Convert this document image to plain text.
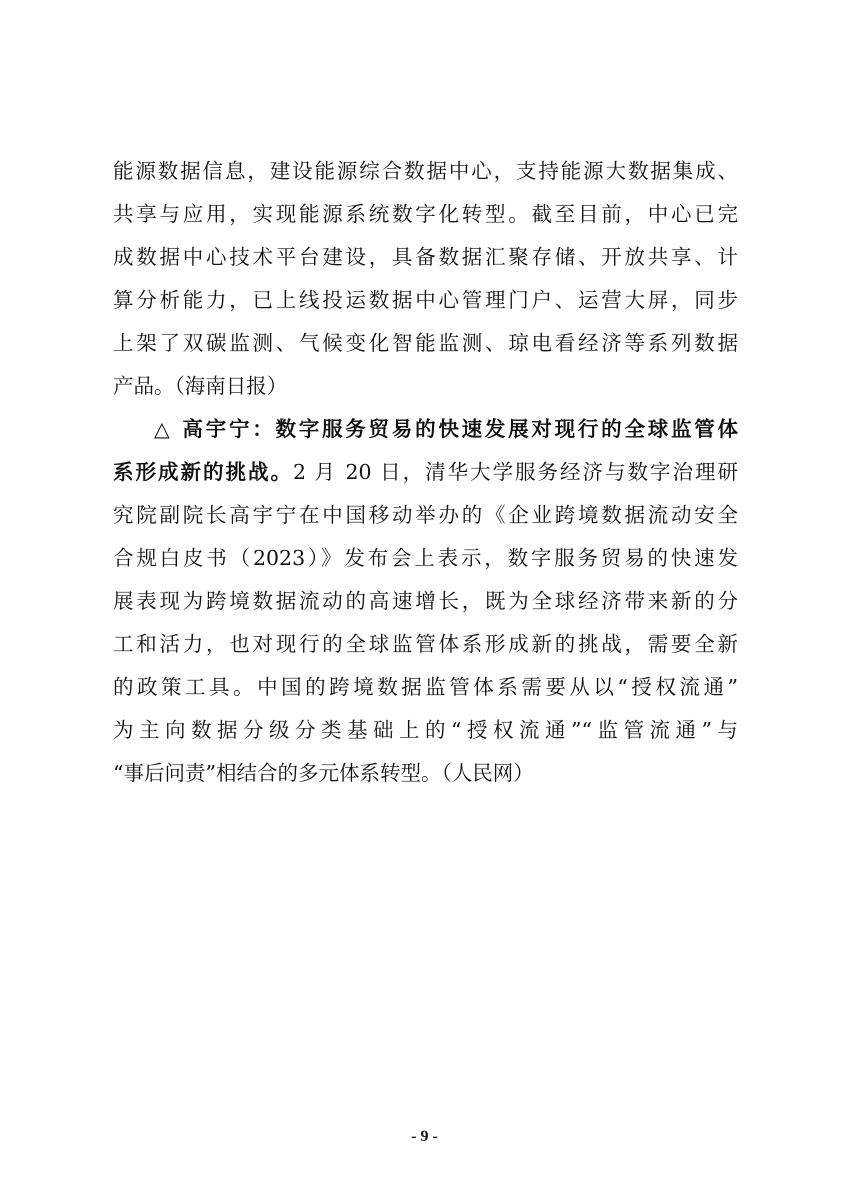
能源数据信息，建设能源综合数据中心，支持能源大数据集成、
共享与应用，实现能源系统数字化转型。截至目前，中心已完
成数据中心技术平台建设，具备数据汇聚存储、开放共享、计
算分析能力，已上线投运数据中心管理门户、运营大屏，同步
上架了双碳监测、气候变化智能监测、琼电看经济等系列数据
产品。（海南日报）
△ 高宇宁：数字服务贸易的快速发展对现行的全球监管体
系形成新的挑战。2 月 20 日，清华大学服务经济与数字治理研
究院副院长高宇宁在中国移动举办的《企业跨境数据流动安全
合规白皮书（2023）》发布会上表示，数字服务贸易的快速发
展表现为跨境数据流动的高速增长，既为全球经济带来新的分
工和活力，也对现行的全球监管体系形成新的挑战，需要全新
的政策工具。中国的跨境数据监管体系需要从以“授权流通”
为主向数据分级分类基础上的“授权流通”“监管流通”与
“事后问责”相结合的多元体系转型。（人民网）
- 9 -
